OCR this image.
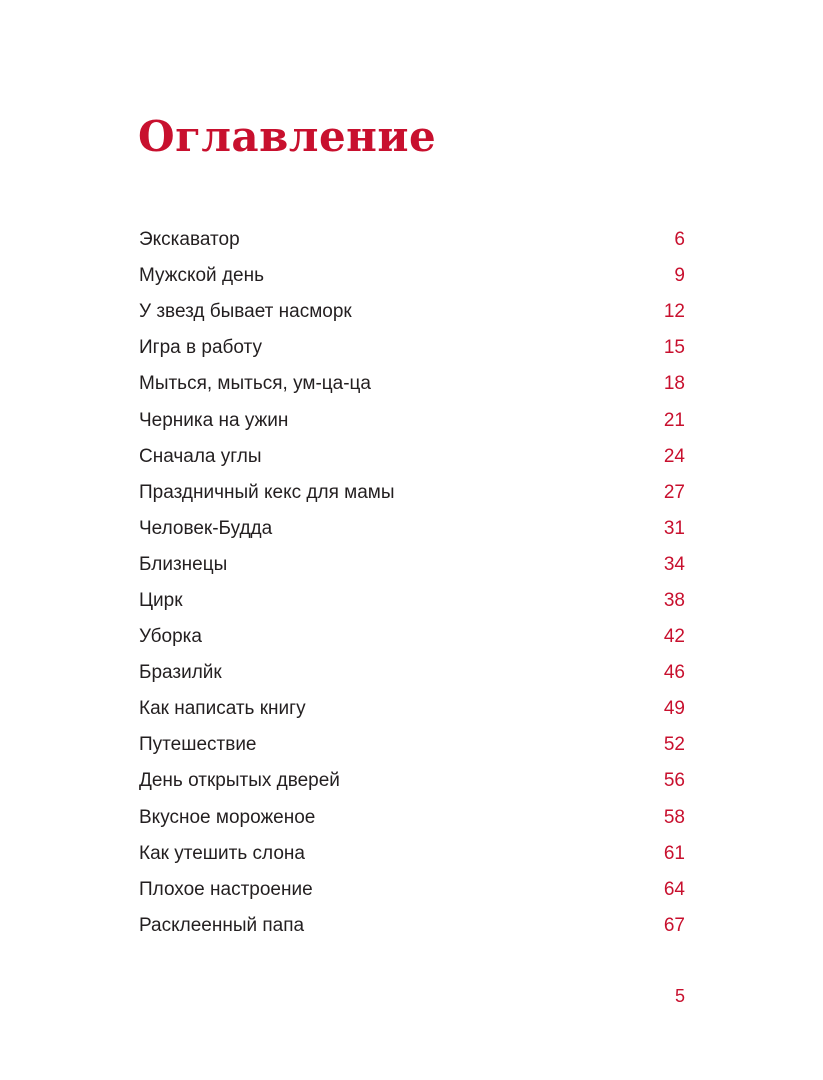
Оглавление
Экскаватор	6
Мужской день	9
У звезд бывает насморк	12
Игра в работу	15
Мыться, мыться, ум-ца-ца	18
Черника на ужин	21
Сначала углы	24
Праздничный кекс для мамы	27
Человек-Будда	31
Близнецы	34
Цирк	38
Уборка	42
Бразилйк	46
Как написать книгу	49
Путешествие	52
День открытых дверей	56
Вкусное мороженое	58
Как утешить слона	61
Плохое настроение	64
Расклеенный папа	67
5
